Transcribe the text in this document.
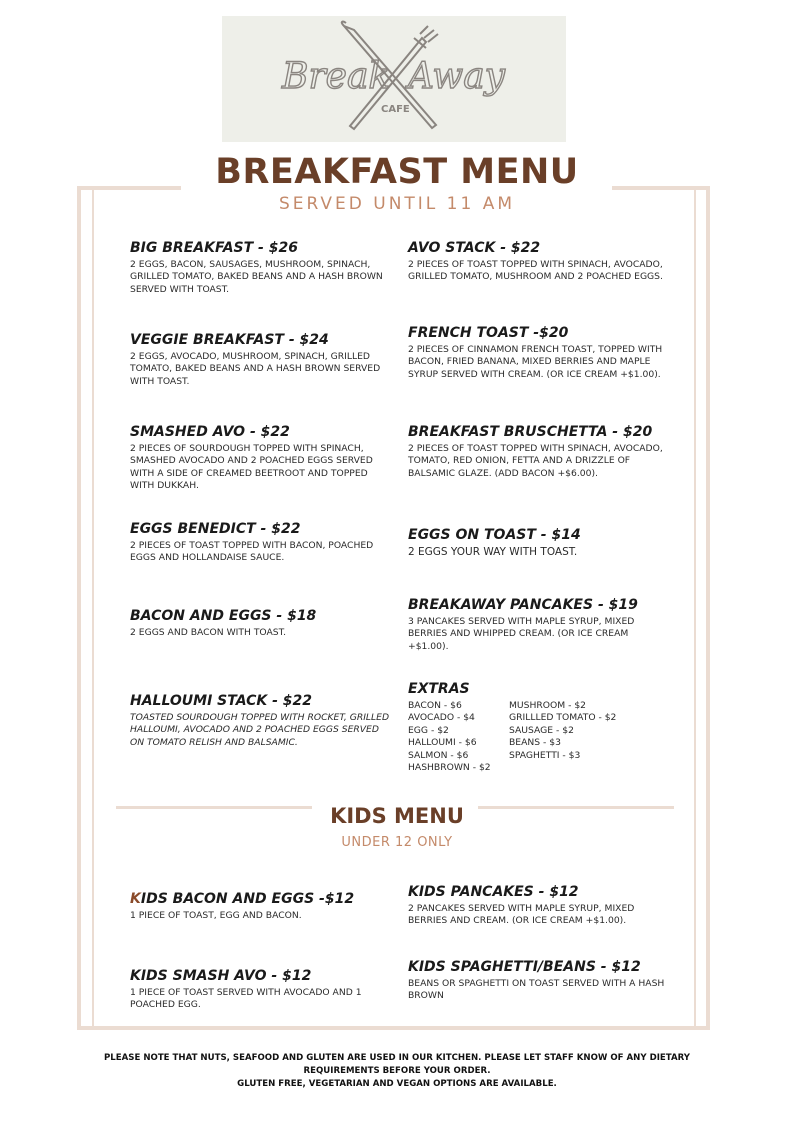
Break Away
CAFE
BREAKFAST MENU
SERVED UNTIL 11 AM
BIG BREAKFAST - $26
2 EGGS, BACON, SAUSAGES, MUSHROOM, SPINACH, GRILLED TOMATO, BAKED BEANS AND A HASH BROWN SERVED WITH TOAST.
VEGGIE BREAKFAST - $24
2 EGGS, AVOCADO, MUSHROOM, SPINACH, GRILLED TOMATO, BAKED BEANS AND A HASH BROWN SERVED WITH TOAST.
SMASHED AVO - $22
2 PIECES OF SOURDOUGH TOPPED WITH SPINACH, SMASHED AVOCADO AND 2 POACHED EGGS SERVED WITH A SIDE OF CREAMED BEETROOT AND TOPPED WITH DUKKAH.
EGGS BENEDICT - $22
2 PIECES OF TOAST TOPPED WITH BACON, POACHED EGGS AND HOLLANDAISE SAUCE.
BACON AND EGGS - $18
2 EGGS AND BACON WITH TOAST.
HALLOUMI STACK - $22
TOASTED SOURDOUGH TOPPED WITH ROCKET, GRILLED HALLOUMI, AVOCADO AND 2 POACHED EGGS SERVED ON TOMATO RELISH AND BALSAMIC.
AVO STACK - $22
2 PIECES OF TOAST TOPPED WITH SPINACH, AVOCADO, GRILLED TOMATO, MUSHROOM AND 2 POACHED EGGS.
FRENCH TOAST -$20
2 PIECES OF CINNAMON FRENCH TOAST, TOPPED WITH BACON, FRIED BANANA, MIXED BERRIES AND MAPLE SYRUP SERVED WITH CREAM. (OR ICE CREAM +$1.00).
BREAKFAST BRUSCHETTA - $20
2 PIECES OF TOAST TOPPED WITH SPINACH, AVOCADO, TOMATO, RED ONION, FETTA AND A DRIZZLE OF BALSAMIC GLAZE. (ADD BACON +$6.00).
EGGS ON TOAST - $14
2 EGGS YOUR WAY WITH TOAST.
BREAKAWAY PANCAKES - $19
3 PANCAKES SERVED WITH MAPLE SYRUP, MIXED BERRIES AND WHIPPED CREAM. (OR ICE CREAM +$1.00).
EXTRAS
BACON - $6
AVOCADO - $4
EGG - $2
HALLOUMI - $6
SALMON - $6
HASHBROWN - $2
MUSHROOM - $2
GRILLLED TOMATO - $2
SAUSAGE - $2
BEANS - $3
SPAGHETTI - $3
KIDS MENU
UNDER 12 ONLY
KIDS BACON AND EGGS -$12
1 PIECE OF TOAST, EGG AND BACON.
KIDS SMASH AVO - $12
1 PIECE OF TOAST SERVED WITH AVOCADO AND 1 POACHED EGG.
KIDS PANCAKES - $12
2 PANCAKES SERVED WITH MAPLE SYRUP, MIXED BERRIES AND CREAM. (OR ICE CREAM +$1.00).
KIDS SPAGHETTI/BEANS - $12
BEANS OR SPAGHETTI ON TOAST SERVED WITH A HASH BROWN
PLEASE NOTE THAT NUTS, SEAFOOD AND GLUTEN ARE USED IN OUR KITCHEN. PLEASE LET STAFF KNOW OF ANY DIETARY
REQUIREMENTS BEFORE YOUR ORDER.
GLUTEN FREE, VEGETARIAN AND VEGAN OPTIONS ARE AVAILABLE.
